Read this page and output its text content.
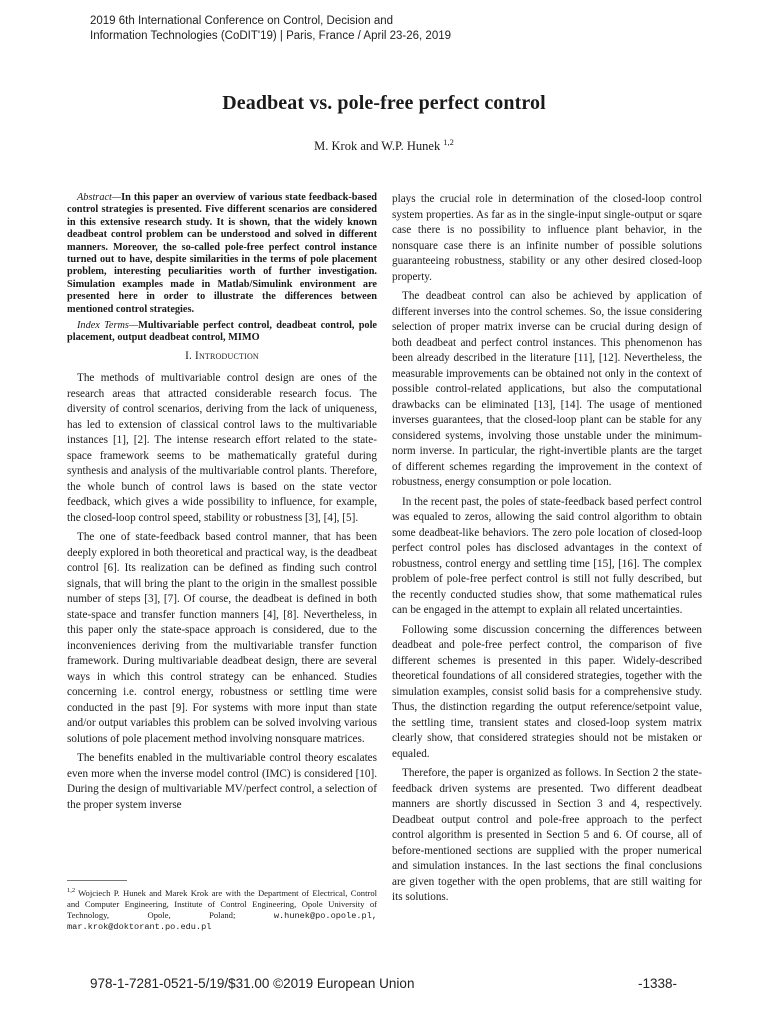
2019 6th International Conference on Control, Decision and
Information Technologies (CoDIT'19) | Paris, France / April 23-26, 2019
Deadbeat vs. pole-free perfect control
M. Krok and W.P. Hunek $^{1,2}$

Abstract—In this paper an overview of various state feedback-based control strategies is presented. Five different scenarios are considered in this extensive research study. It is shown, that the widely known deadbeat control problem can be understood and solved in different manners. Moreover, the so-called pole-free perfect control instance turned out to have, despite similarities in the terms of pole placement problem, interesting peculiarities worth of further investigation. Simulation examples made in Matlab/Simulink environment are presented here in order to illustrate the differences between mentioned control strategies.

Index Terms—Multivariable perfect control, deadbeat control, pole placement, output deadbeat control, MIMO

I. Introduction

The methods of multivariable control design are ones of the research areas that attracted considerable research focus. The diversity of control scenarios, deriving from the lack of uniqueness, has led to extension of classical control laws to the multivariable instances [1], [2]. The intense research effort related to the state-space framework seems to be mathematically grateful during synthesis and analysis of the multivariable control plants. Therefore, the whole bunch of control laws is based on the state vector feedback, which gives a wide possibility to influence, for example, the closed-loop control speed, stability or robustness [3], [4], [5].

The one of state-feedback based control manner, that has been deeply explored in both theoretical and practical way, is the deadbeat control [6]. Its realization can be defined as finding such control signals, that will bring the plant to the origin in the smallest possible number of steps [3], [7]. Of course, the deadbeat is defined in both state-space and transfer function manners [4], [8]. Nevertheless, in this paper only the state-space approach is considered, due to the inconveniences deriving from the multivariable transfer function framework. During multivariable deadbeat design, there are several ways in which this control strategy can be enhanced. Studies concerning i.e. control energy, robustness or settling time were conducted in the past [9]. For systems with more input than state and/or output variables this problem can be solved involving various solutions of pole placement method involving nonsquare matrices.

The benefits enabled in the multivariable control theory escalates even more when the inverse model control (IMC) is considered [10]. During the design of multivariable MV/perfect control, a selection of the proper system inverse

plays the crucial role in determination of the closed-loop control system properties. As far as in the single-input single-output or sqare case there is no possibility to influence plant behavior, in the nonsquare case there is an infinite number of possible solutions guaranteeing robustness, stability or any other desired closed-loop property.

The deadbeat control can also be achieved by application of different inverses into the control schemes. So, the issue considering selection of proper matrix inverse can be crucial during design of both deadbeat and perfect control instances. This phenomenon has been already described in the literature [11], [12]. Nevertheless, the measurable improvements can be obtained not only in the context of possible control-related applications, but also the computational drawbacks can be eliminated [13], [14]. The usage of mentioned inverses guarantees, that the closed-loop plant can be stable for any considered systems, involving those unstable under the minimum-norm inverse. In particular, the right-invertible plants are the target of different schemes regarding the improvement in the context of robustness, energy consumption or pole location.

In the recent past, the poles of state-feedback based perfect control was equaled to zeros, allowing the said control algorithm to obtain some deadbeat-like behaviors. The zero pole location of closed-loop perfect control poles has disclosed advantages in the context of robustness, control energy and settling time [15], [16]. The complex problem of pole-free perfect control is still not fully described, but the recently conducted studies show, that some mathematical rules can be engaged in the attempt to explain all related uncertainties.

Following some discussion concerning the differences between deadbeat and pole-free perfect control, the comparison of five different schemes is presented in this paper. Widely-described theoretical foundations of all considered strategies, together with the simulation examples, consist solid basis for a comprehensive study. Thus, the distinction regarding the output reference/setpoint value, the settling time, transient states and closed-loop system matrix clearly show, that considered strategies should not be mistaken or equaled.

Therefore, the paper is organized as follows. In Section 2 the state-feedback driven systems are presented. Two different deadbeat manners are shortly discussed in Section 3 and 4, respectively. Deadbeat output control and pole-free approach to the perfect control algorithm is presented in Section 5 and 6. Of course, all of before-mentioned sections are supplied with the proper numerical and simulation instances. In the last sections the final conclusions are given together with the open problems, that are still waiting for its solutions.

$^{1,2}$ Wojciech P. Hunek and Marek Krok are with the Department of Electrical, Control and Computer Engineering, Institute of Control Engineering, Opole University of Technology, Opole, Poland;	w.hunek@po.opole.pl, mar.krok@doktorant.po.edu.pl
978-1-7281-0521-5/19/$31.00 ©2019 European Union	-1338-
